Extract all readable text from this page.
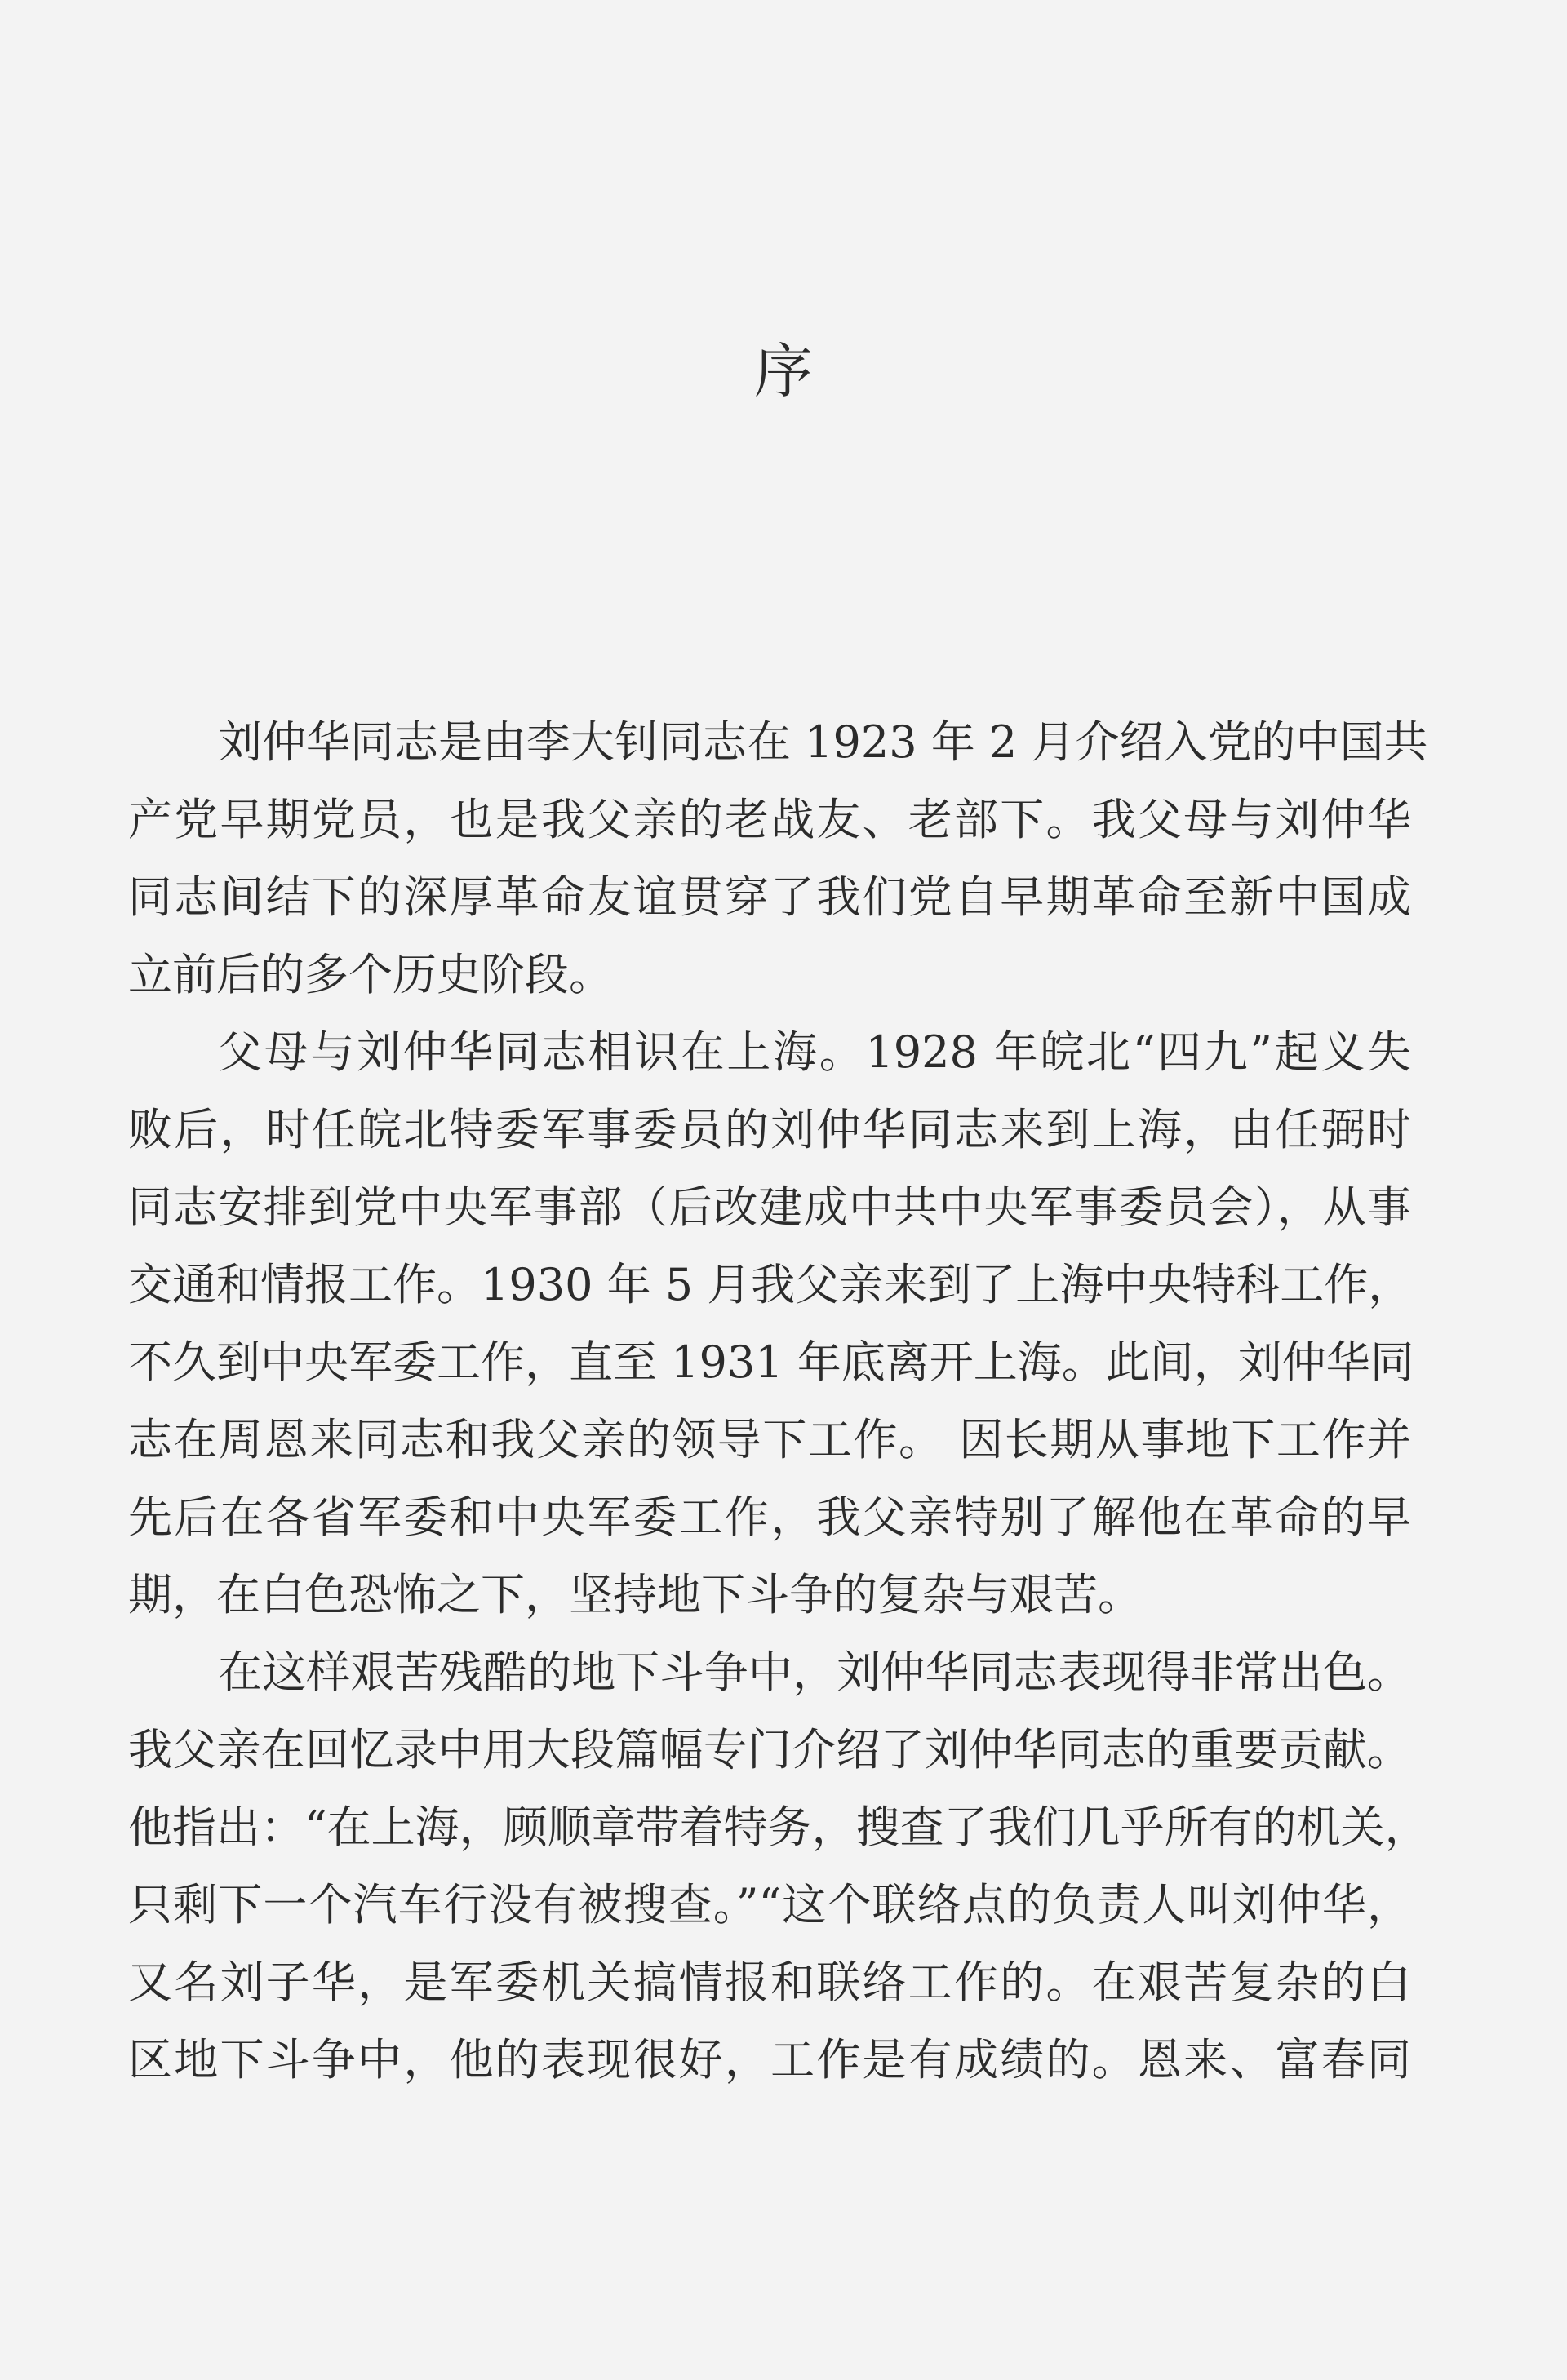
序
刘仲华同志是由李大钊同志在 1923 年 2 月介绍入党的中国共
产党早期党员，也是我父亲的老战友、老部下。我父母与刘仲华
同志间结下的深厚革命友谊贯穿了我们党自早期革命至新中国成
立前后的多个历史阶段。
父母与刘仲华同志相识在上海。1928 年皖北“四九”起义失
败后，时任皖北特委军事委员的刘仲华同志来到上海，由任弼时
同志安排到党中央军事部（后改建成中共中央军事委员会），从事
交通和情报工作。1930 年 5 月我父亲来到了上海中央特科工作，
不久到中央军委工作，直至 1931 年底离开上海。此间，刘仲华同
志在周恩来同志和我父亲的领导下工作。 因长期从事地下工作并
先后在各省军委和中央军委工作，我父亲特别了解他在革命的早
期，在白色恐怖之下，坚持地下斗争的复杂与艰苦。
在这样艰苦残酷的地下斗争中，刘仲华同志表现得非常出色。
我父亲在回忆录中用大段篇幅专门介绍了刘仲华同志的重要贡献。
他指出：“在上海，顾顺章带着特务，搜查了我们几乎所有的机关，
只剩下一个汽车行没有被搜查。”“这个联络点的负责人叫刘仲华，
又名刘子华，是军委机关搞情报和联络工作的。在艰苦复杂的白
区地下斗争中，他的表现很好，工作是有成绩的。恩来、富春同
